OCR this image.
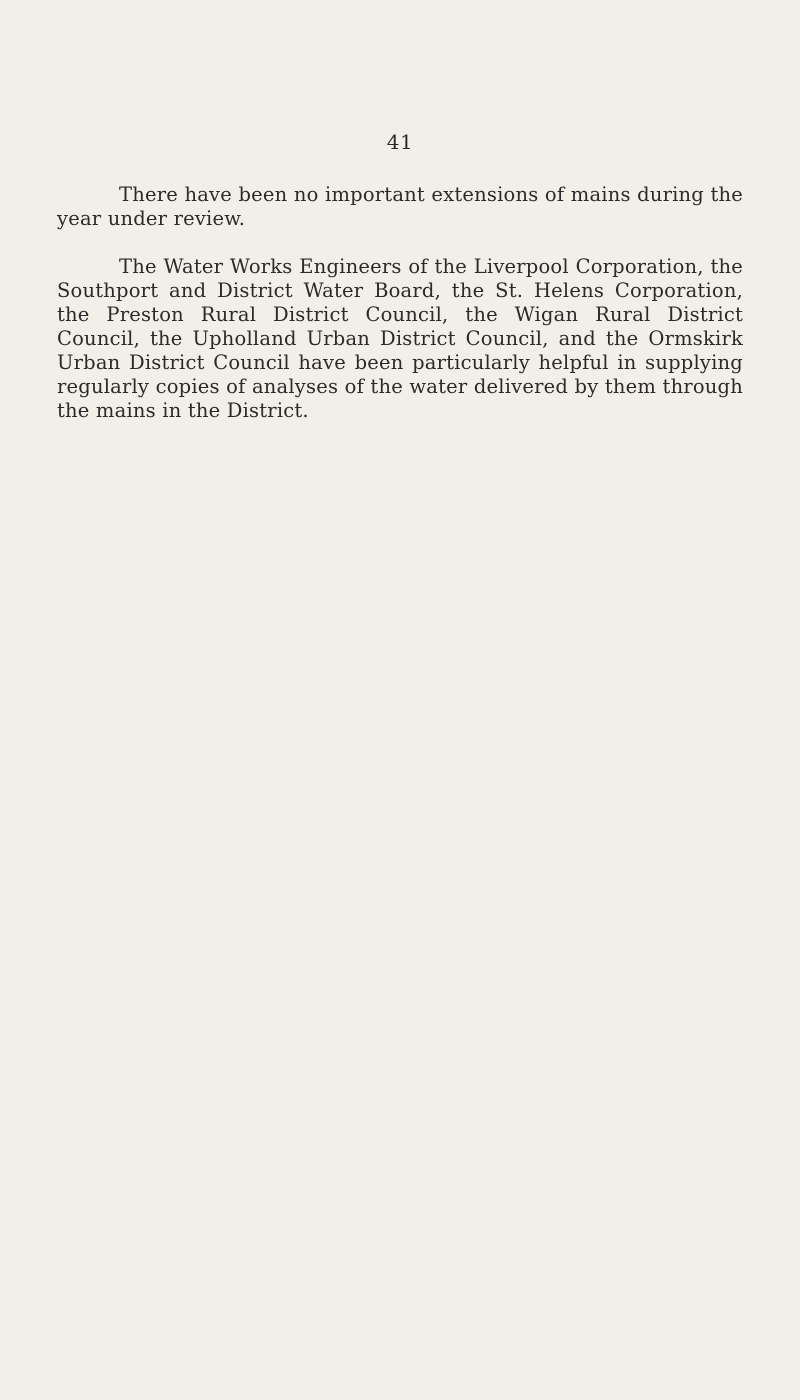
41

There have been no important extensions of mains during the year under review.

The Water Works Engineers of the Liverpool Corporation, the Southport and District Water Board, the St. Helens Corporation, the Preston Rural District Council, the Wigan Rural District Council, the Upholland Urban District Council, and the Ormskirk Urban District Council have been particularly helpful in supplying regularly copies of analyses of the water delivered by them through the mains in the District.
